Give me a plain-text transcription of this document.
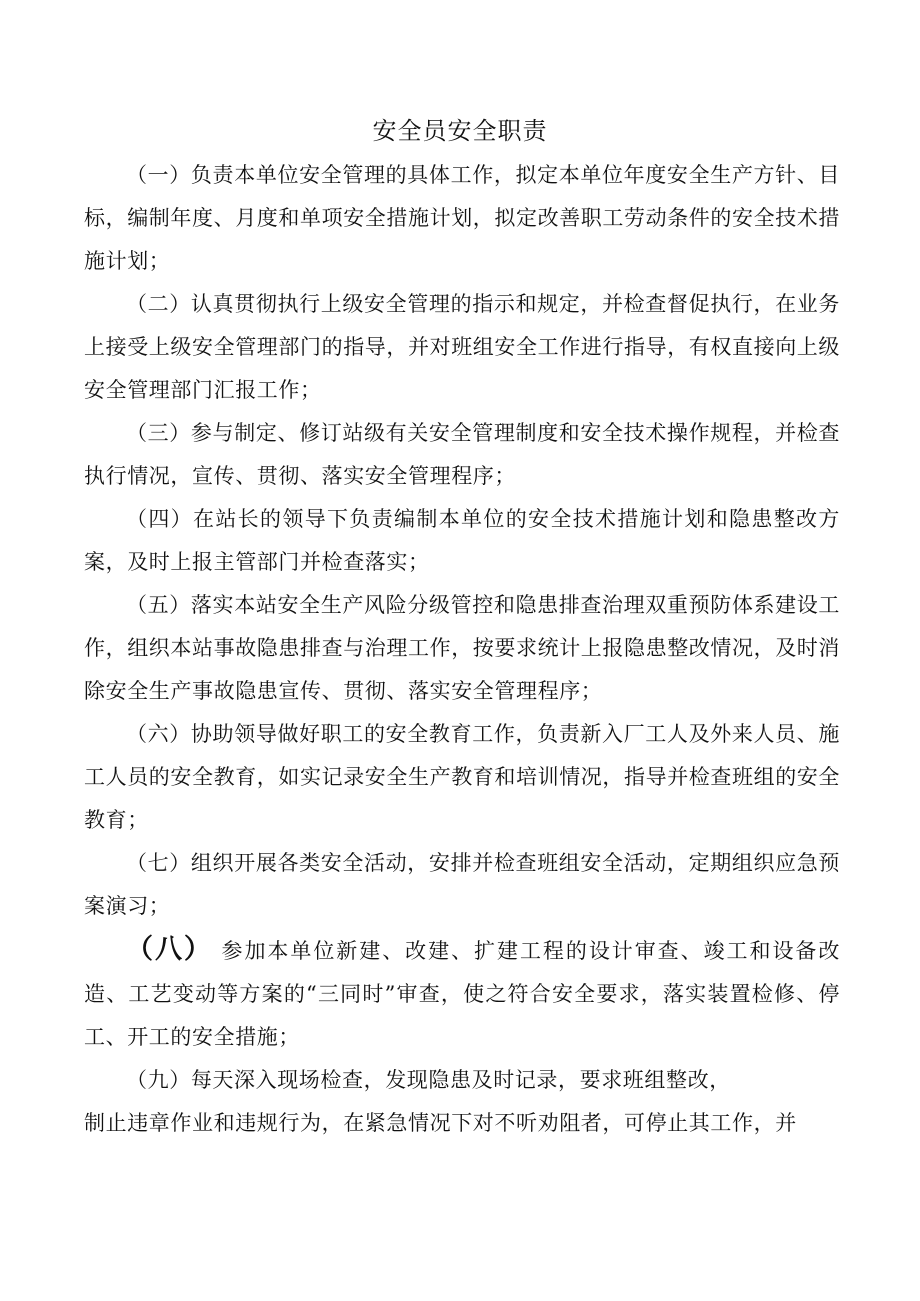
安全员安全职责

（一）负责本单位安全管理的具体工作，拟定本单位年度安全生产方针、目标，编制年度、月度和单项安全措施计划，拟定改善职工劳动条件的安全技术措施计划；

（二）认真贯彻执行上级安全管理的指示和规定，并检查督促执行，在业务上接受上级安全管理部门的指导，并对班组安全工作进行指导，有权直接向上级安全管理部门汇报工作；

（三）参与制定、修订站级有关安全管理制度和安全技术操作规程，并检查执行情况，宣传、贯彻、落实安全管理程序；

（四）在站长的领导下负责编制本单位的安全技术措施计划和隐患整改方案，及时上报主管部门并检查落实；

（五）落实本站安全生产风险分级管控和隐患排查治理双重预防体系建设工作，组织本站事故隐患排查与治理工作，按要求统计上报隐患整改情况，及时消除安全生产事故隐患宣传、贯彻、落实安全管理程序；

（六）协助领导做好职工的安全教育工作，负责新入厂工人及外来人员、施工人员的安全教育，如实记录安全生产教育和培训情况，指导并检查班组的安全教育；

（七）组织开展各类安全活动，安排并检查班组安全活动，定期组织应急预案演习；

（八） 参加本单位新建、改建、扩建工程的设计审查、竣工和设备改造、工艺变动等方案的“三同时”审查，使之符合安全要求，落实装置检修、停工、开工的安全措施；

（九）每天深入现场检查，发现隐患及时记录，要求班组整改，
制止违章作业和违规行为，在紧急情况下对不听劝阻者，可停止其工作，并
